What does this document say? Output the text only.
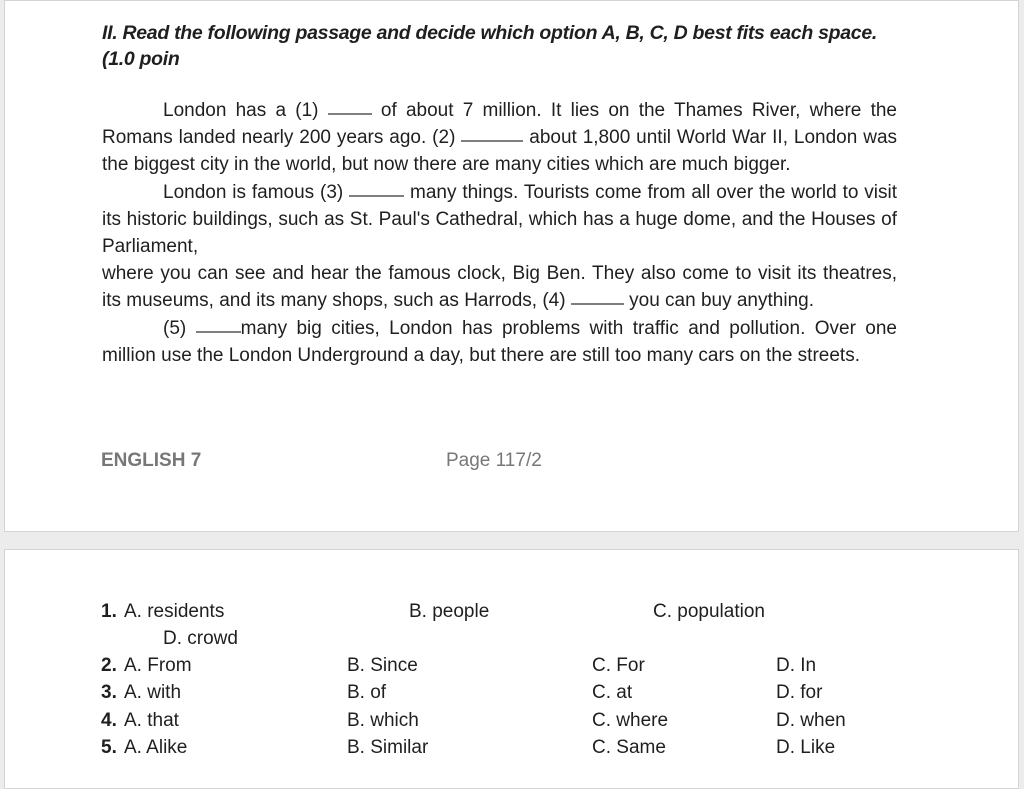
II. Read the following passage and decide which option A, B, C, D best fits each space. (1.0 poin

London has a (1)	of about 7 million. It lies on the Thames River, where the Romans landed nearly 200 years ago. (2)	about 1,800 until World War II, London was the biggest city in the world, but now there are many cities which are much bigger.

London is famous (3)	many things. Tourists come from all over the world to visit its historic buildings, such as St. Paul's Cathedral, which has a huge dome, and the Houses of Parliament,

where you can see and hear the famous clock, Big Ben. They also come to visit its theatres, its museums, and its many shops, such as Harrods, (4)	you can buy anything.

(5)	many big cities, London has problems with traffic and pollution. Over one million use the London Underground a day, but there are still too many cars on the streets.

ENGLISH 7	Page 117/2
1. A. residents	B. people	C. population
D. crowd
2. A. From	B. Since	C. For	D. In
3. A. with	B. of	C. at	D. for
4. A. that	B. which	C. where	D. when
5. A. Alike	B. Similar	C. Same	D. Like
